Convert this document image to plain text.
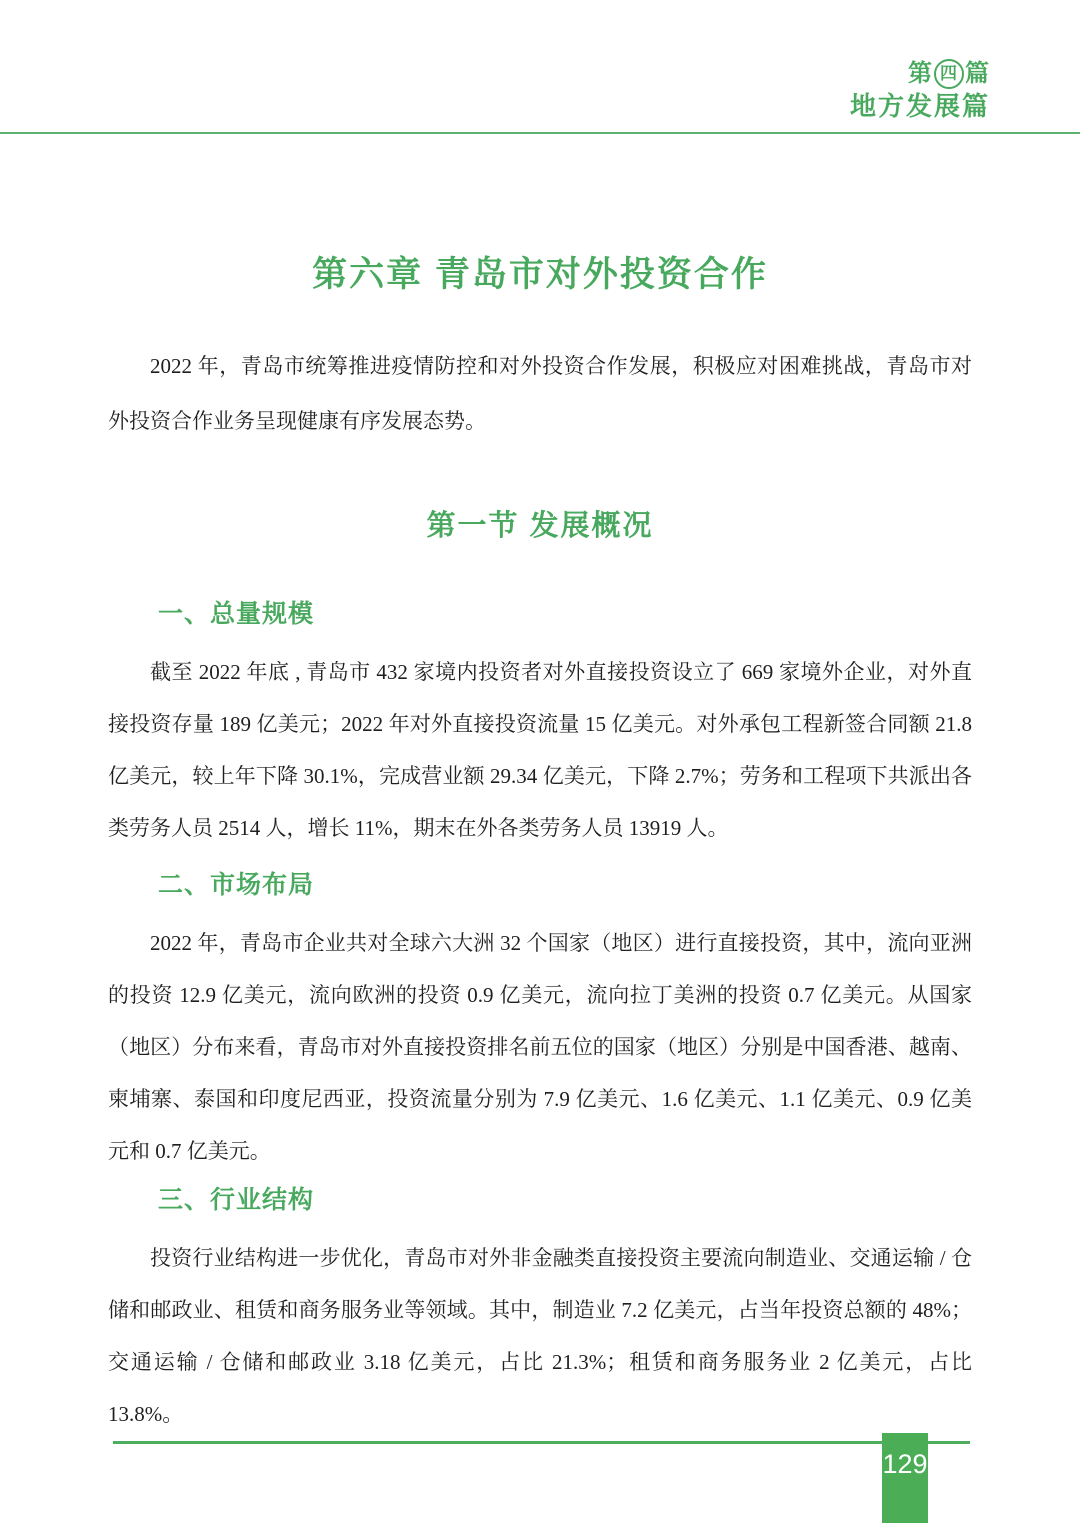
第 四 篇
地方发展篇
第六章 青岛市对外投资合作

2022 年，青岛市统筹推进疫情防控和对外投资合作发展，积极应对困难挑战，青岛市对外投资合作业务呈现健康有序发展态势。

第一节 发展概况
一、总量规模

截至 2022 年底 , 青岛市 432 家境内投资者对外直接投资设立了 669 家境外企业，对外直接投资存量 189 亿美元；2022 年对外直接投资流量 15 亿美元。对外承包工程新签合同额 21.8 亿美元，较上年下降 30.1%，完成营业额 29.34 亿美元，下降 2.7%；劳务和工程项下共派出各类劳务人员 2514 人，增长 11%，期末在外各类劳务人员 13919 人。

二、市场布局

2022 年，青岛市企业共对全球六大洲 32 个国家（地区）进行直接投资，其中，流向亚洲的投资 12.9 亿美元，流向欧洲的投资 0.9 亿美元，流向拉丁美洲的投资 0.7 亿美元。从国家（地区）分布来看，青岛市对外直接投资排名前五位的国家（地区）分别是中国香港、越南、柬埔寨、泰国和印度尼西亚，投资流量分别为 7.9 亿美元、1.6 亿美元、1.1 亿美元、0.9 亿美元和 0.7 亿美元。

三、行业结构

投资行业结构进一步优化，青岛市对外非金融类直接投资主要流向制造业、交通运输 / 仓储和邮政业、租赁和商务服务业等领域。其中，制造业 7.2 亿美元，占当年投资总额的 48%；交通运输 / 仓储和邮政业 3.18 亿美元，占比 21.3%；租赁和商务服务业 2 亿美元，占比 13.8%。

129
